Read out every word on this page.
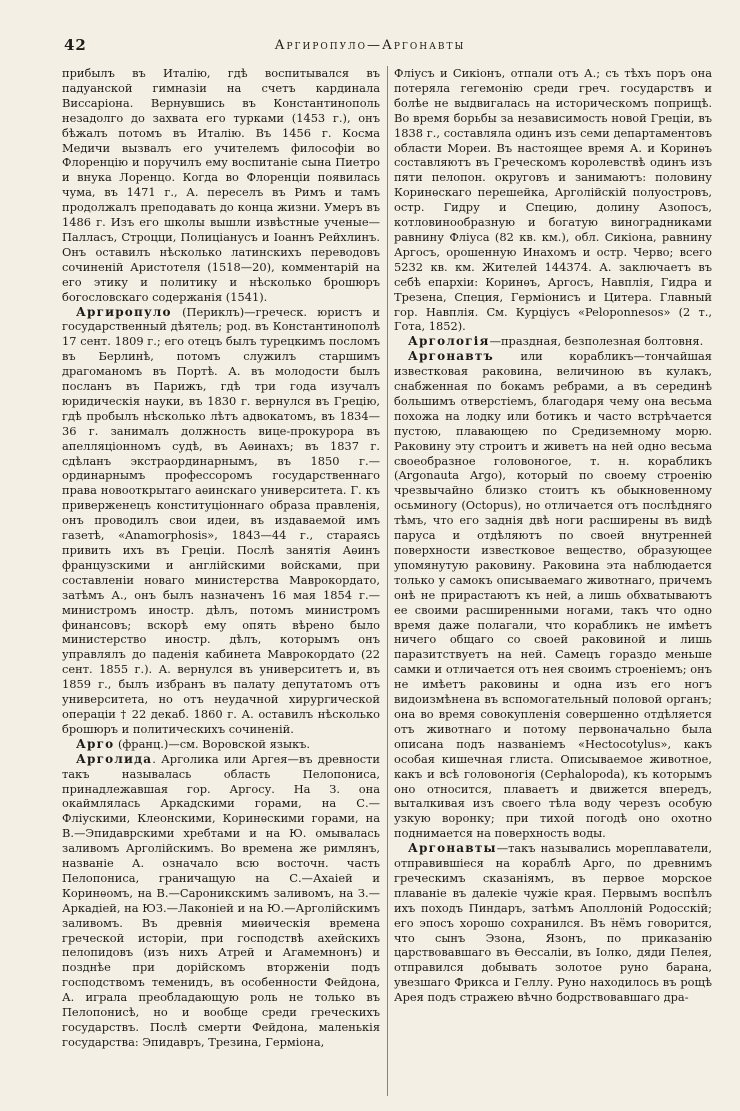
42	Аргиропуло—Аргонавты

прибылъ въ Италію, гдѣ воспитывался въ падуанской гимназіи на счетъ кардинала Виссаріона. Вернувшись въ Константинополь незадолго до захвата его турками (1453 г.), онъ бѣжалъ потомъ въ Италію. Въ 1456 г. Косма Медичи вызвалъ его учителемъ философіи во Флоренцію и поручилъ ему воспитаніе сына Пиетро и внука Лоренцо. Когда во Флоренціи появилась чума, въ 1471 г., А. переселъ въ Римъ и тамъ продолжалъ преподавать до конца жизни. Умеръ въ 1486 г. Изъ его школы вышли извѣстные ученые—Палласъ, Строцци, Полиціанусъ и Іоаннъ Рейхлинъ. Онъ оставилъ нѣсколько латинскихъ переводовъ сочиненій Аристотеля (1518—20), комментарій на его этику и политику и нѣсколько брошюръ богословскаго содержанія (1541).

Аргиропуло (Периклъ)—греческ. юристъ и государственный дѣятель; род. въ Константинополѣ 17 сент. 1809 г.; его отецъ былъ турецкимъ посломъ въ Берлинѣ, потомъ служилъ старшимъ драгоманомъ въ Портѣ. А. въ молодости былъ посланъ въ Парижъ, гдѣ три года изучалъ юридическія науки, въ 1830 г. вернулся въ Грецію, гдѣ пробылъ нѣсколько лѣтъ адвокатомъ, въ 1834—36 г. занималъ должность вице-прокурора въ апелляціонномъ судѣ, въ Аѳинахъ; въ 1837 г. сдѣланъ экстраординарнымъ, въ 1850 г.—ординарнымъ профессоромъ государственнаго права новооткрытаго аѳинскаго университета. Г. къ приверженецъ конституціоннаго образа правленія, онъ проводилъ свои идеи, въ издаваемой имъ газетѣ, «Anamorphosis», 1843—44 г., стараясь привить ихъ въ Греціи. Послѣ занятія Аѳинъ французскими и англійскими войсками, при составленіи новаго министерства Маврокордато, затѣмъ А., онъ былъ назначенъ 16 мая 1854 г.—министромъ иностр. дѣлъ, потомъ министромъ финансовъ; вскорѣ ему опять вѣрено было министерство иностр. дѣлъ, которымъ онъ управлялъ до паденія кабинета Маврокордато (22 сент. 1855 г.). А. вернулся въ университетъ и, въ 1859 г., былъ избранъ въ палату депутатомъ отъ университета, но отъ неудачной хирургической операціи † 22 декаб. 1860 г. А. оставилъ нѣсколько брошюръ и политическихъ сочиненій.

Арго (франц.)—см. Воровской языкъ.

Арголида. Арголика или Аргея—въ древности такъ называлась область Пелопониса, принадлежавшая гор. Аргосу. На З. она окаймлялась Аркадскими горами, на С.—Флiускими, Клеонскими, Коринѳскими горами, на В.—Эпидаврскими хребтами и на Ю. омывалась заливомъ Арголійскимъ. Во времена же римлянъ, названіе А. означало всю восточн. часть Пелопониса, граничащую на С.—Ахаіей и Коринѳомъ, на В.—Сароникскимъ заливомъ, на З.—Аркадіей, на ЮЗ.—Лаконіей и на Ю.—Арголійскимъ заливомъ. Въ древнія миѳическія времена греческой исторіи, при господствѣ ахейскихъ пелопидовъ (изъ нихъ Атрей и Агамемнонъ) и позднѣе при дорійскомъ вторженіи подъ господствомъ теменидъ, въ особенности Фейдона, А. играла преобладающую роль не только въ Пелопонисѣ, но и вообще среди греческихъ государствъ. Послѣ смерти Фейдона, маленькія государства: Эпидавръ, Трезина, Герміона,

Флiусъ и Сикіонъ, отпали отъ А.; съ тѣхъ поръ она потеряла гегемонію среди греч. государствъ и болѣе не выдвигалась на историческомъ поприщѣ. Во время борьбы за независимость новой Греціи, въ 1838 г., составляла одинъ изъ семи департаментовъ области Мореи. Въ настоящее время А. и Коринѳъ составляютъ въ Греческомъ королевствѣ одинъ изъ пяти пелопон. округовъ и занимаютъ: половину Коринѳскаго перешейка, Арголійскій полуостровъ, остр. Гидру и Специю, долину Азопосъ, котловинообразную и богатую виноградниками равнину Флiуса (82 кв. км.), обл. Сикіона, равнину Аргосъ, орошенную Инахомъ и остр. Черво; всего 5232 кв. км. Жителей 144374. А. заключаетъ въ себѣ епархіи: Коринѳъ, Аргосъ, Навплія, Гидра и Трезена, Специя, Герміонисъ и Цитера. Главный гор. Навплія. См. Курціусъ «Peloponnesos» (2 т., Гота, 1852).

Аргологія—праздная, безполезная болтовня.

Аргонавтъ или корабликъ—тончайшая известковая раковина, величиною въ кулакъ, снабженная по бокамъ ребрами, а въ серединѣ большимъ отверстіемъ, благодаря чему она весьма похожа на лодку или ботикъ и часто встрѣчается пустою, плавающею по Средиземному морю. Раковину эту строитъ и живетъ на ней одно весьма своеобразное головоногое, т. н. корабликъ (Argonauta Argo), который по своему строенію чрезвычайно близко стоитъ къ обыкновенному осьминогу (Octopus), но отличается отъ послѣдняго тѣмъ, что его заднія двѣ ноги расширены въ видѣ паруса и отдѣляютъ по своей внутренней поверхности известковое вещество, образующее упомянутую раковину. Раковина эта наблюдается только у самокъ описываемаго животнаго, причемъ онѣ не прирастаютъ къ ней, а лишь обхватываютъ ее своими расширенными ногами, такъ что одно время даже полагали, что корабликъ не имѣетъ ничего общаго со своей раковиной и лишь паразитствуетъ на ней. Самецъ гораздо меньше самки и отличается отъ нея своимъ строеніемъ; онъ не имѣетъ раковины и одна изъ его ногъ видоизмѣнена въ вспомогательный половой органъ; она во время совокупленія совершенно отдѣляется отъ животнаго и потому первоначально была описана подъ названіемъ «Hectocotylus», какъ особая кишечная глиста. Описываемое животное, какъ и всѣ головоногія (Cephalopoda), къ которымъ оно относится, плаваетъ и движется впередъ, выталкивая изъ своего тѣла воду черезъ особую узкую воронку; при тихой погодѣ оно охотно поднимается на поверхность воды.

Аргонавты—такъ назывались мореплаватели, отправившіеся на кораблѣ Арго, по древнимъ греческимъ сказаніямъ, въ первое морское плаваніе въ далекіе чужіе края. Первымъ воспѣлъ ихъ походъ Пиндаръ, затѣмъ Аполлоній Родосскій; его эпосъ хорошо сохранился. Въ нёмъ говорится, что сынъ Эзона, Язонъ, по приказанію царствовавшаго въ Ѳессаліи, въ Іолко, дяди Пелея, отправился добывать золотое руно барана, увезшаго Фрикса и Геллу. Руно находилось въ рощѣ Арея подъ стражею вѣчно бодрствовавшаго дра-
